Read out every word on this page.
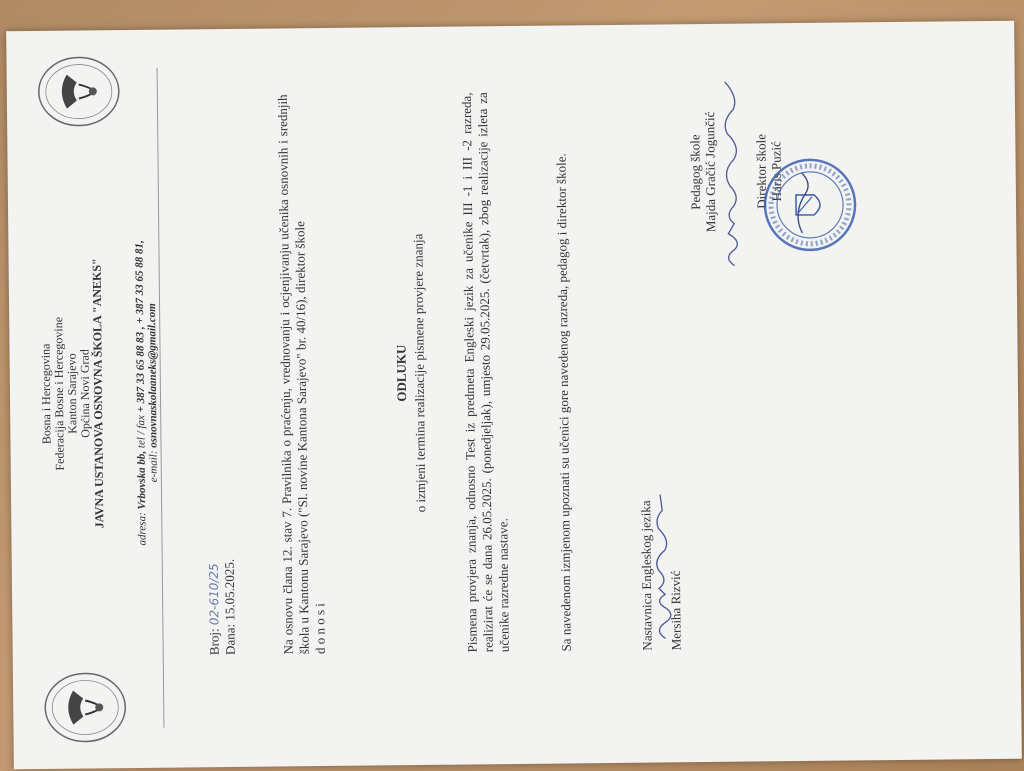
Bosna i Hercegovina
Federacija Bosne i Hercegovine
Kanton Sarajevo
Općina Novi Grad
JAVNA USTANOVA OSNOVNA ŠKOLA "ANEKS"
adresa: Vrbovska bb, tel / fax + 387 33 65 88 83 , + 387 33 65 88 81,
e-mail: osnovnaskolaaneks@gmail.com
Broj: 02-610/25
Dana: 15.05.2025.	Na osnovu člana 12. stav 7. Pravilnika o praćenju, vrednovanju i ocjenjivanju učenika osnovnih i srednjih škola u Kantonu Sarajevo ("Sl. novine Kantona Sarajevo" br. 40/16), direktor škole d o n o s i
ODLUKU o izmjeni termina realizacije pismene provjere znanja Pismena provjera znanja, odnosno Test iz predmeta Engleski jezik za učenike III -1 i III -2 razreda, realizirat će se dana 26.05.2025. (ponedjeljak), umjesto 29.05.2025. (četvrtak), zbog realizacije izleta za učenike razredne nastave.	Sa navedenom izmjenom upoznati su učenici gore navedenog razreda, pedagog i direktor škole.	Nastavnica Engleskog jezika Mersiha Rizvić
Pedagog škole
Majda Gračić Jogunčić	Direktor škole Haris Puzić
